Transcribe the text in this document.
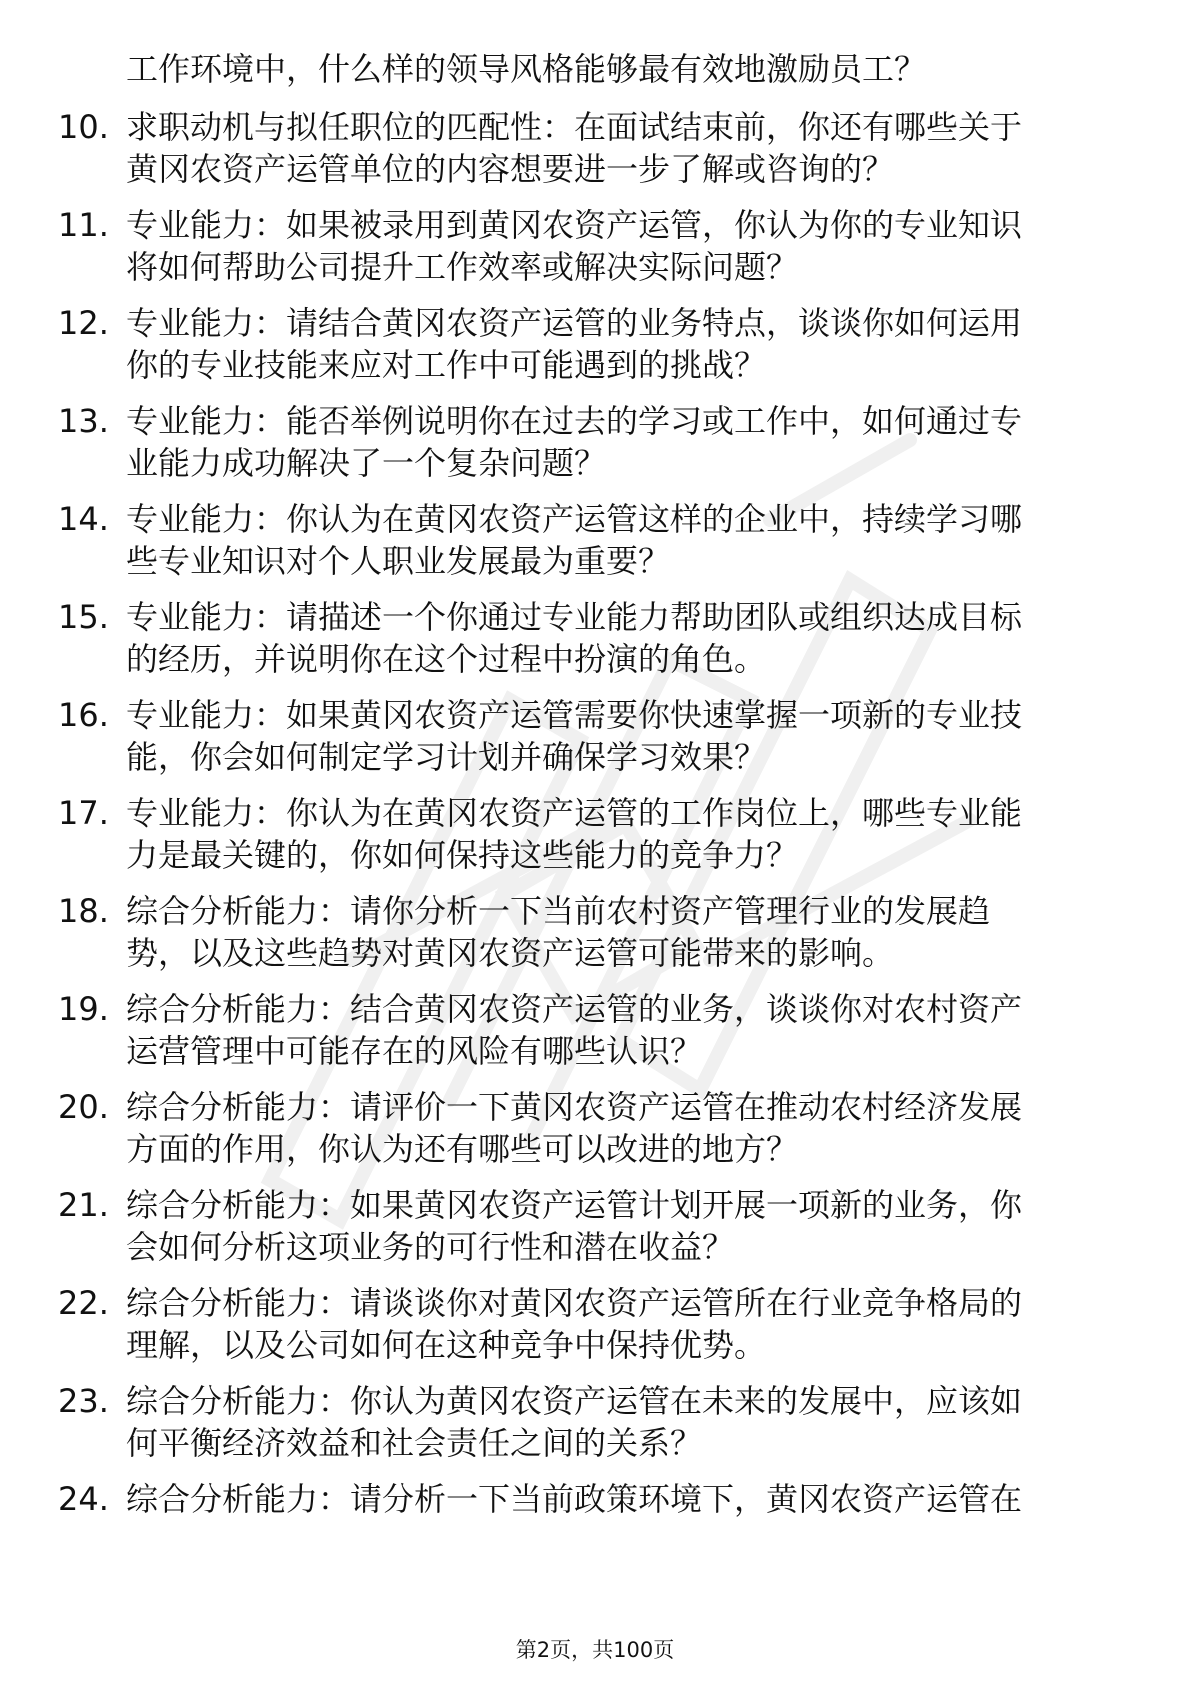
工作环境中，什么样的领导风格能够最有效地激励员工？
10. 求职动机与拟任职位的匹配性：在面试结束前，你还有哪些关于
黄冈农资产运管单位的内容想要进一步了解或咨询的？
11. 专业能力：如果被录用到黄冈农资产运管，你认为你的专业知识
将如何帮助公司提升工作效率或解决实际问题？
12. 专业能力：请结合黄冈农资产运管的业务特点，谈谈你如何运用
你的专业技能来应对工作中可能遇到的挑战？
13. 专业能力：能否举例说明你在过去的学习或工作中，如何通过专
业能力成功解决了一个复杂问题？
14. 专业能力：你认为在黄冈农资产运管这样的企业中，持续学习哪
些专业知识对个人职业发展最为重要？
15. 专业能力：请描述一个你通过专业能力帮助团队或组织达成目标
的经历，并说明你在这个过程中扮演的角色。
16. 专业能力：如果黄冈农资产运管需要你快速掌握一项新的专业技
能，你会如何制定学习计划并确保学习效果？
17. 专业能力：你认为在黄冈农资产运管的工作岗位上，哪些专业能
力是最关键的，你如何保持这些能力的竞争力？
18. 综合分析能力：请你分析一下当前农村资产管理行业的发展趋
势，以及这些趋势对黄冈农资产运管可能带来的影响。
19. 综合分析能力：结合黄冈农资产运管的业务，谈谈你对农村资产
运营管理中可能存在的风险有哪些认识？
20. 综合分析能力：请评价一下黄冈农资产运管在推动农村经济发展
方面的作用，你认为还有哪些可以改进的地方？
21. 综合分析能力：如果黄冈农资产运管计划开展一项新的业务，你
会如何分析这项业务的可行性和潜在收益？
22. 综合分析能力：请谈谈你对黄冈农资产运管所在行业竞争格局的
理解，以及公司如何在这种竞争中保持优势。
23. 综合分析能力：你认为黄冈农资产运管在未来的发展中，应该如
何平衡经济效益和社会责任之间的关系？
24. 综合分析能力：请分析一下当前政策环境下，黄冈农资产运管在
第2页，共100页
